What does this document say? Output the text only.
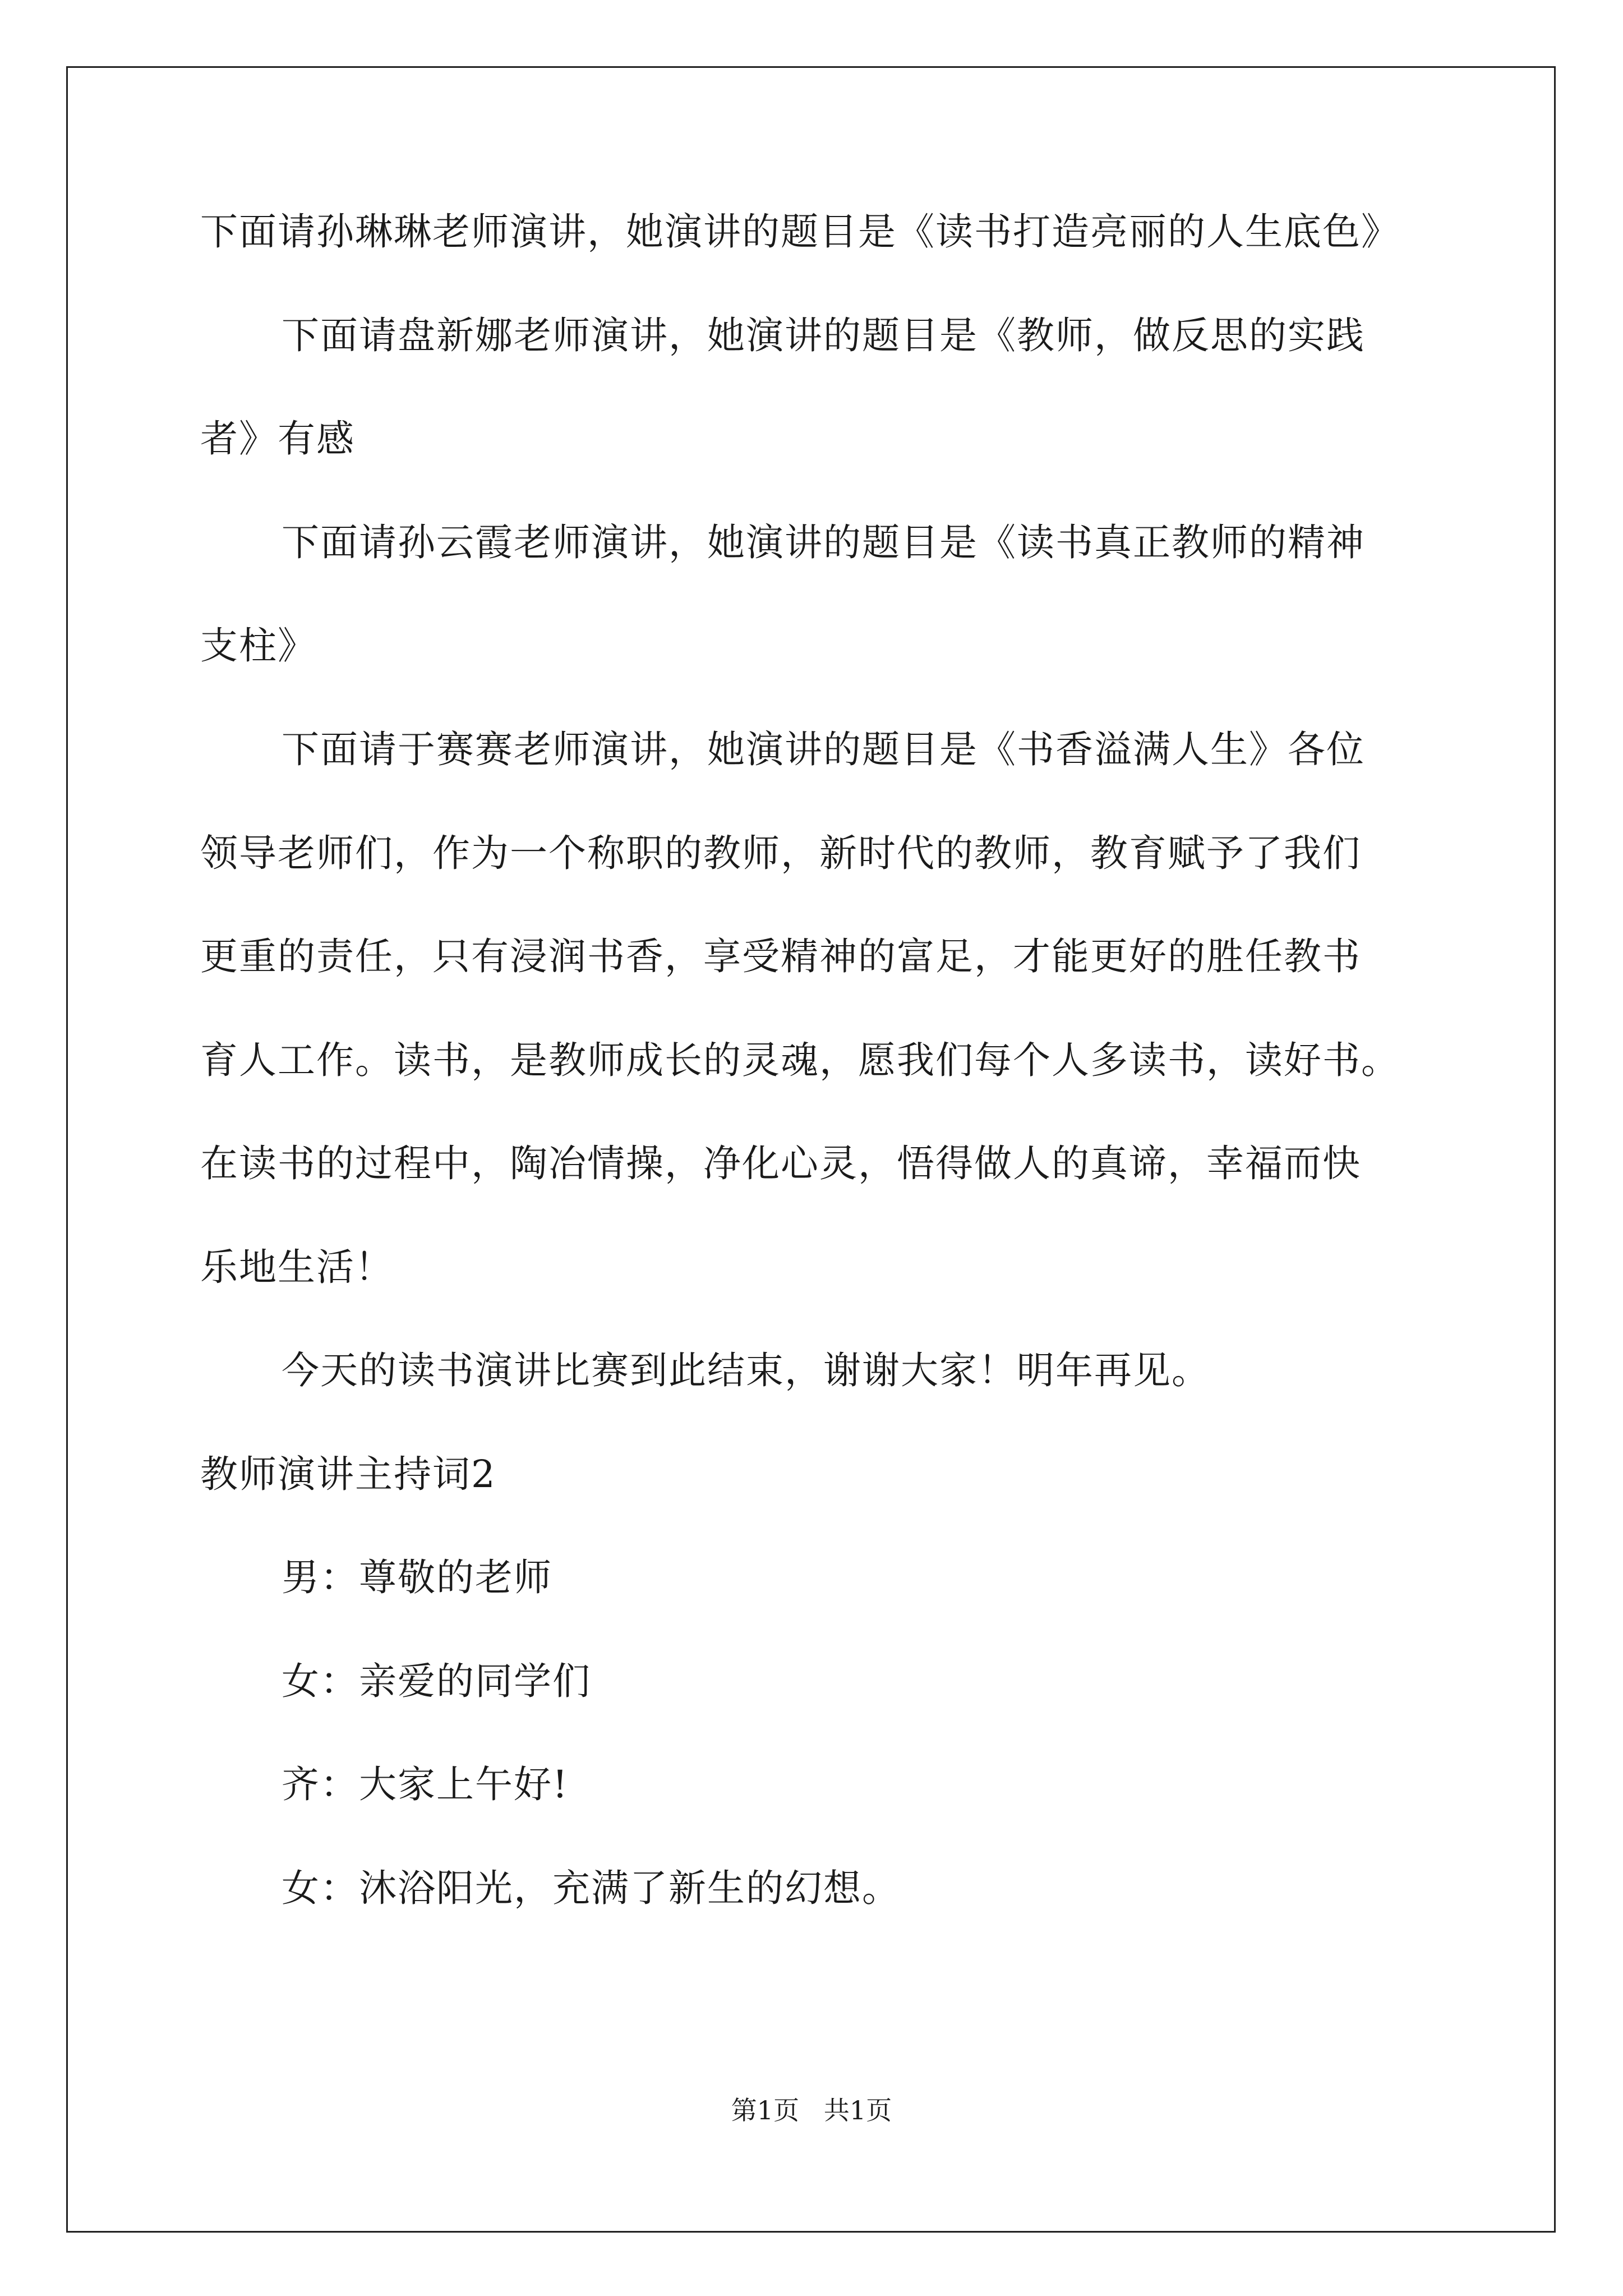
下面请孙琳琳老师演讲，她演讲的题目是《读书打造亮丽的人生底色》
下面请盘新娜老师演讲，她演讲的题目是《教师，做反思的实践
者》有感
下面请孙云霞老师演讲，她演讲的题目是《读书真正教师的精神
支柱》
下面请于赛赛老师演讲，她演讲的题目是《书香溢满人生》各位
领导老师们，作为一个称职的教师，新时代的教师，教育赋予了我们
更重的责任，只有浸润书香，享受精神的富足，才能更好的胜任教书
育人工作。读书，是教师成长的灵魂，愿我们每个人多读书，读好书。
在读书的过程中，陶冶情操，净化心灵，悟得做人的真谛，幸福而快
乐地生活！
今天的读书演讲比赛到此结束，谢谢大家！明年再见。
教师演讲主持词2
男：尊敬的老师
女：亲爱的同学们
齐：大家上午好!
女：沐浴阳光，充满了新生的幻想。
第1页   共1页
